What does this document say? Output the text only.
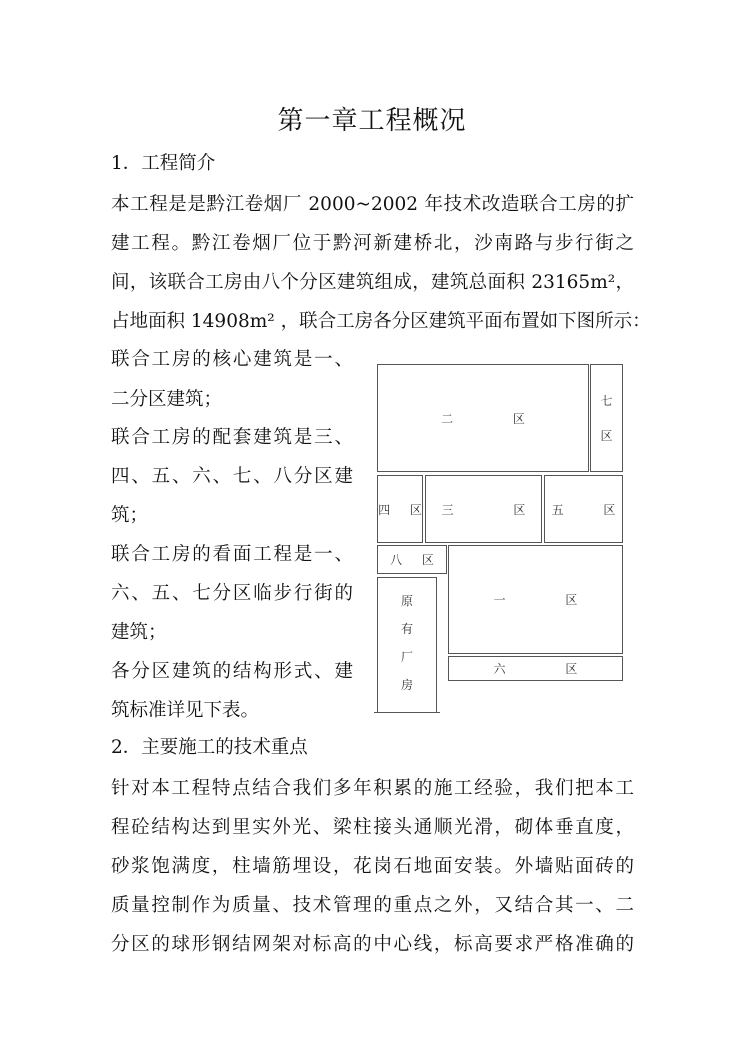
第一章工程概况
1．工程简介
本工程是是黔江卷烟厂 2000~2002 年技术改造联合工房的扩
建工程。黔江卷烟厂位于黔河新建桥北，沙南路与步行街之
间，该联合工房由八个分区建筑组成，建筑总面积 23165m²，
占地面积 14908m² ，联合工房各分区建筑平面布置如下图所示：
联合工房的核心建筑是一、
二分区建筑；
联合工房的配套建筑是三、
四、五、六、七、八分区建
筑；
联合工房的看面工程是一、
六、五、七分区临步行街的
建筑；
各分区建筑的结构形式、建
筑标准详见下表。
二 区
七
区
四 区 三 区
五 区
八 区
一 区
原
有
厂
房
六 区
2．主要施工的技术重点
针对本工程特点结合我们多年积累的施工经验，我们把本工
程砼结构达到里实外光、梁柱接头通顺光滑，砌体垂直度，
砂浆饱满度，柱墙筋埋设，花岗石地面安装。外墙贴面砖的
质量控制作为质量、技术管理的重点之外，又结合其一、二
分区的球形钢结网架对标高的中心线，标高要求严格准确的
